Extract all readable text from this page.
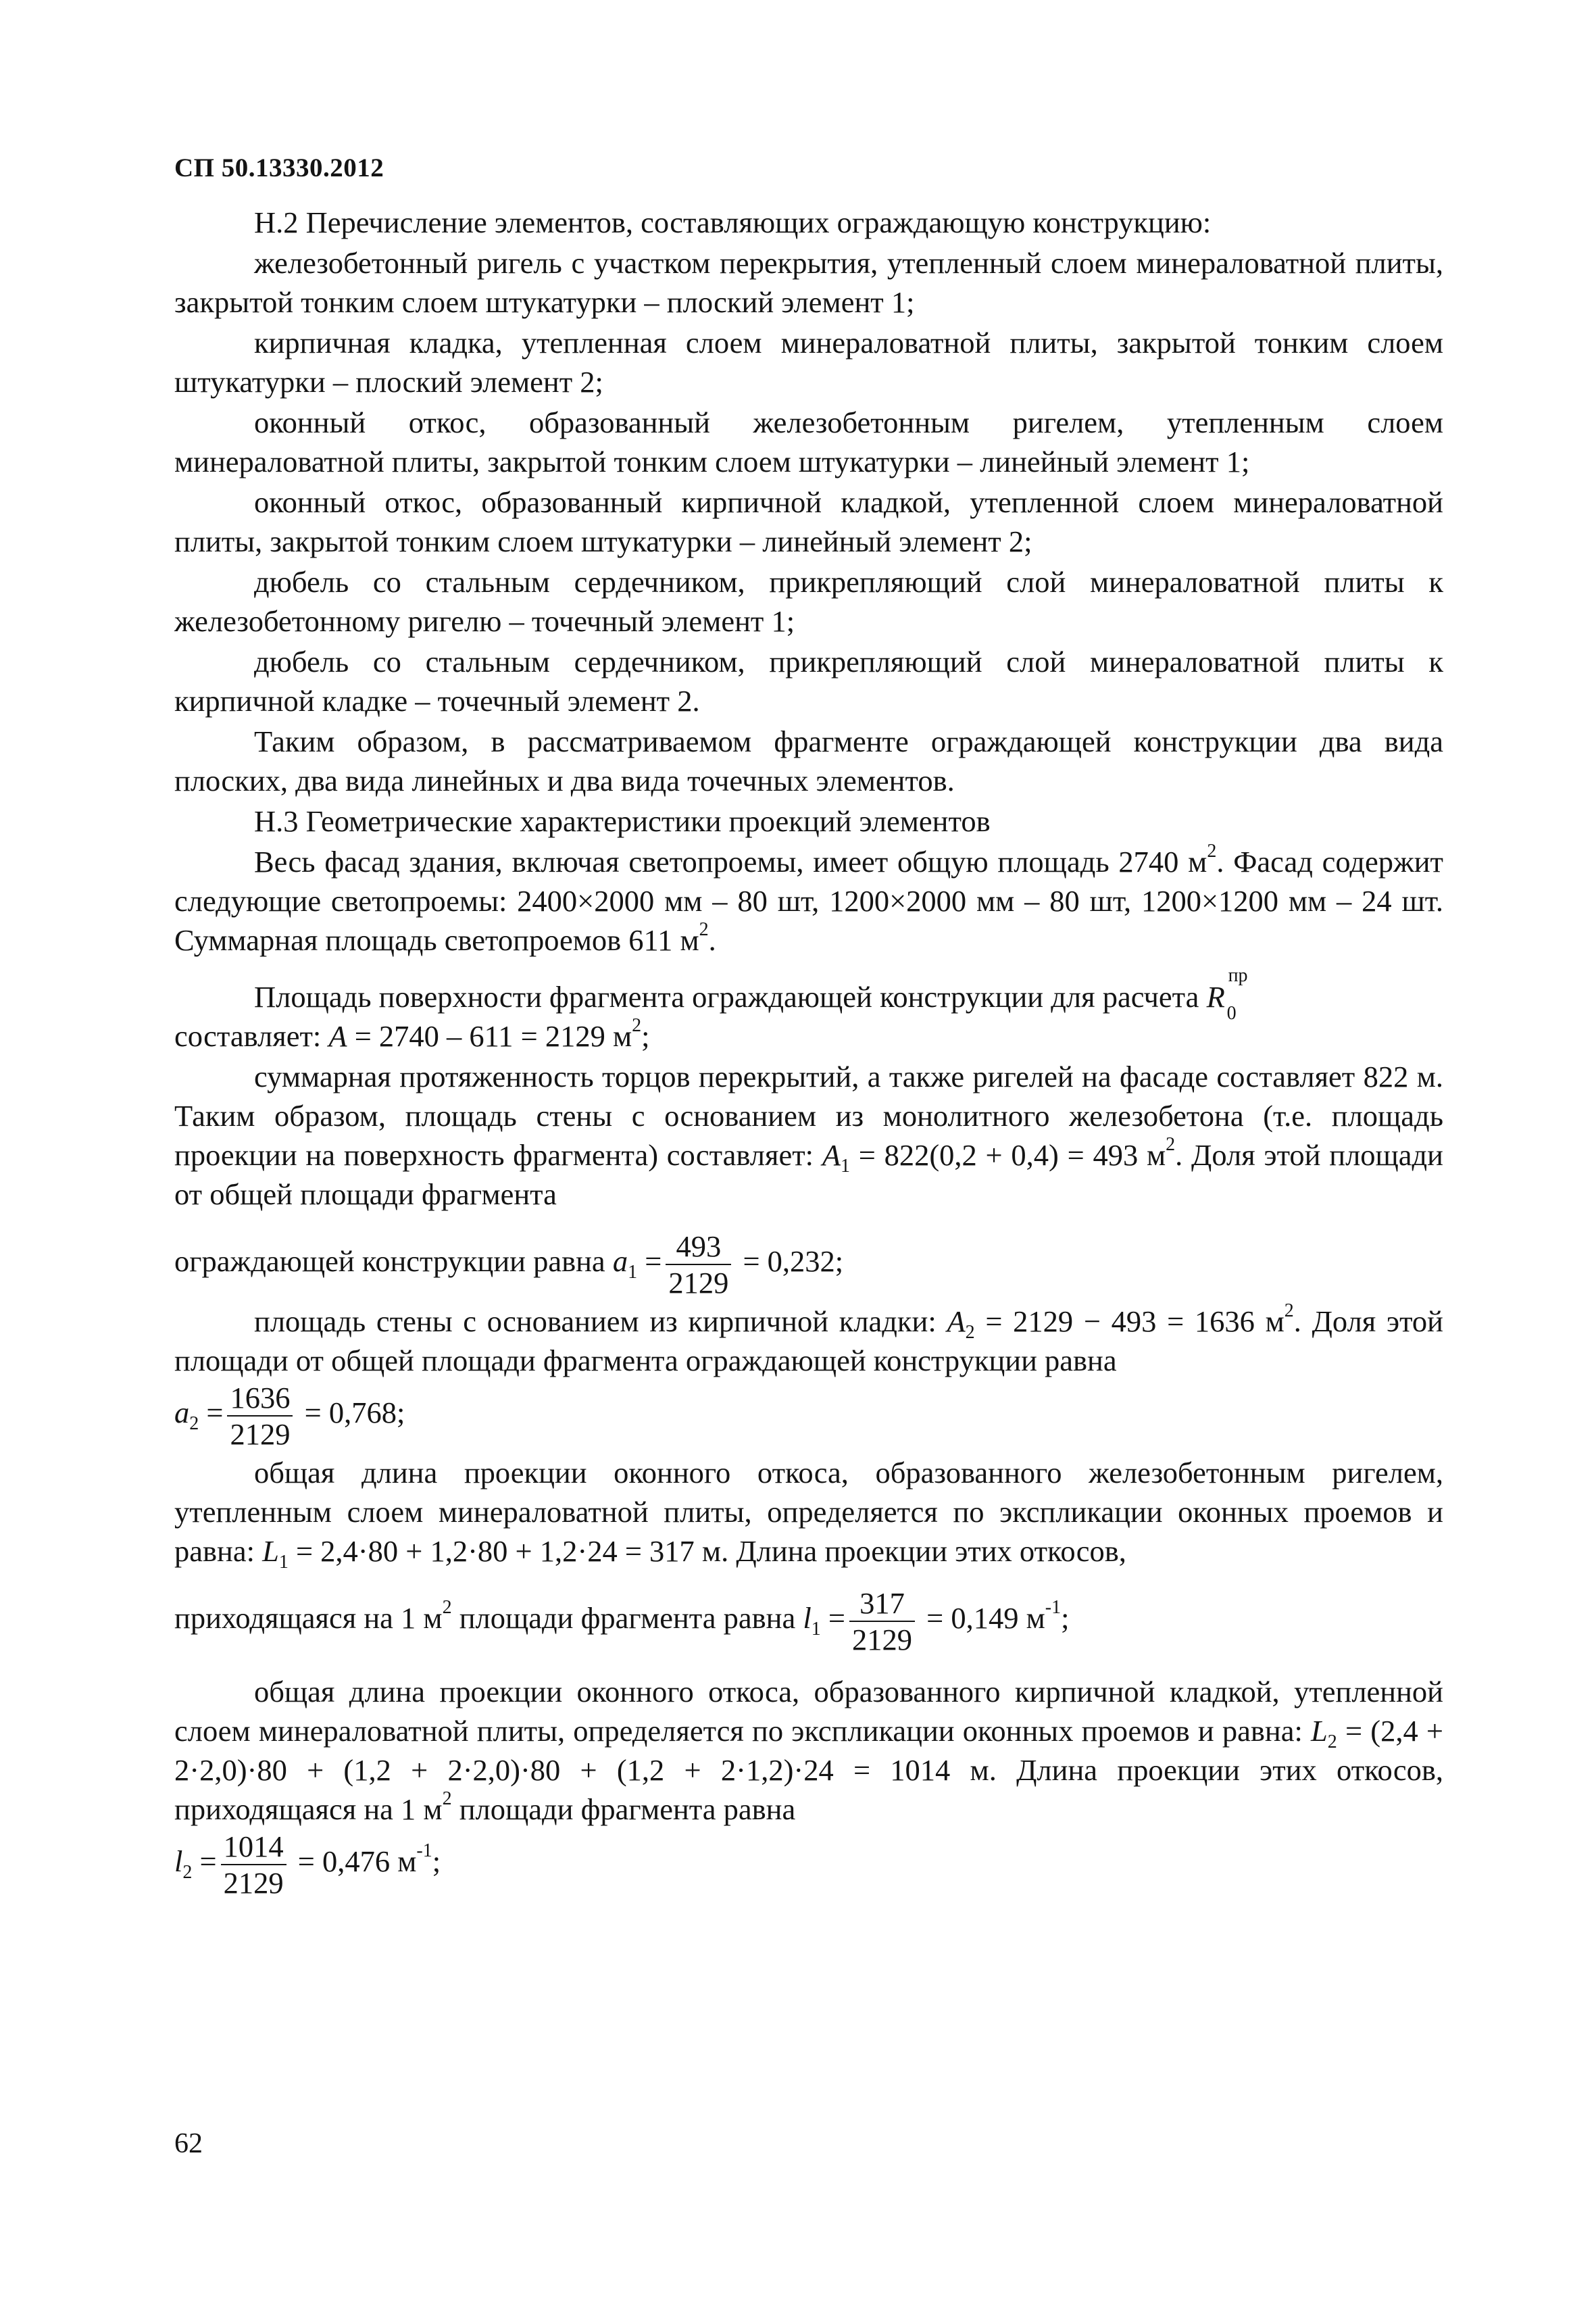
СП 50.13330.2012

Н.2 Перечисление элементов, составляющих ограждающую конструкцию:

железобетонный ригель с участком перекрытия, утепленный слоем минераловатной плиты, закрытой тонким слоем штукатурки – плоский элемент 1;

кирпичная кладка, утепленная слоем минераловатной плиты, закрытой тонким слоем штукатурки – плоский элемент 2;

оконный откос, образованный железобетонным ригелем, утепленным слоем минераловатной плиты, закрытой тонким слоем штукатурки – линейный элемент 1;

оконный откос, образованный кирпичной кладкой, утепленной слоем минераловатной плиты, закрытой тонким слоем штукатурки – линейный элемент 2;

дюбель со стальным сердечником, прикрепляющий слой минераловатной плиты к железобетонному ригелю – точечный элемент 1;

дюбель со стальным сердечником, прикрепляющий слой минераловатной плиты к кирпичной кладке – точечный элемент 2.

Таким образом, в рассматриваемом фрагменте ограждающей конструкции два вида плоских, два вида линейных и два вида точечных элементов.

Н.3 Геометрические характеристики проекций элементов

Весь фасад здания, включая светопроемы, имеет общую площадь 2740 $м^2$. Фасад содержит следующие светопроемы: 2400×2000 мм – 80 шт, 1200×2000 мм – 80 шт, 1200×1200 мм – 24 шт. Суммарная площадь светопроемов 611 $м^2$.

Площадь поверхности фрагмента ограждающей конструкции для расчета R 0
пр

составляет: A = 2740 – 611 = 2129 $м^2$;

суммарная протяженность торцов перекрытий, а также ригелей на фасаде составляет 822 м. Таким образом, площадь стены с основанием из монолитного железобетона (т.е. площадь проекции на поверхность фрагмента) составляет: $A_1 = 822(0,2 + 0,4) = 493$ $м^2$. Доля этой площади от общей площади фрагмента

ограждающей конструкции равна $a_1 = \frac{493}{2129} = 0,232$;

площадь стены с основанием из кирпичной кладки: $A_2 = 2129 - 493 = 1636$ $м^2$. Доля этой площади от общей площади фрагмента ограждающей конструкции равна

$a_2 = \frac{1636}{2129} = 0,768$;

общая длина проекции оконного откоса, образованного железобетонным ригелем, утепленным слоем минераловатной плиты, определяется по экспликации оконных проемов и равна: $L_1 = 2,4\cdot 80 + 1,2\cdot 80 + 1,2\cdot 24 = 317$ м. Длина проекции этих откосов,

приходящаяся на 1 $м^2$ площади фрагмента равна $l_1 = \frac{317}{2129} = 0,149$ $м^{-1}$;

общая длина проекции оконного откоса, образованного кирпичной кладкой, утепленной слоем минераловатной плиты, определяется по экспликации оконных проемов и равна: $L_2 = (2,4 + 2\cdot 2,0)\cdot 80 + (1,2 + 2\cdot 2,0)\cdot 80 + (1,2 + 2\cdot 1,2)\cdot 24 = 1014$ м. Длина проекции этих откосов, приходящаяся на 1 $м^2$ площади фрагмента равна

$l_2 = \frac{1014}{2129} = 0,476$ $м^{-1}$;

62
